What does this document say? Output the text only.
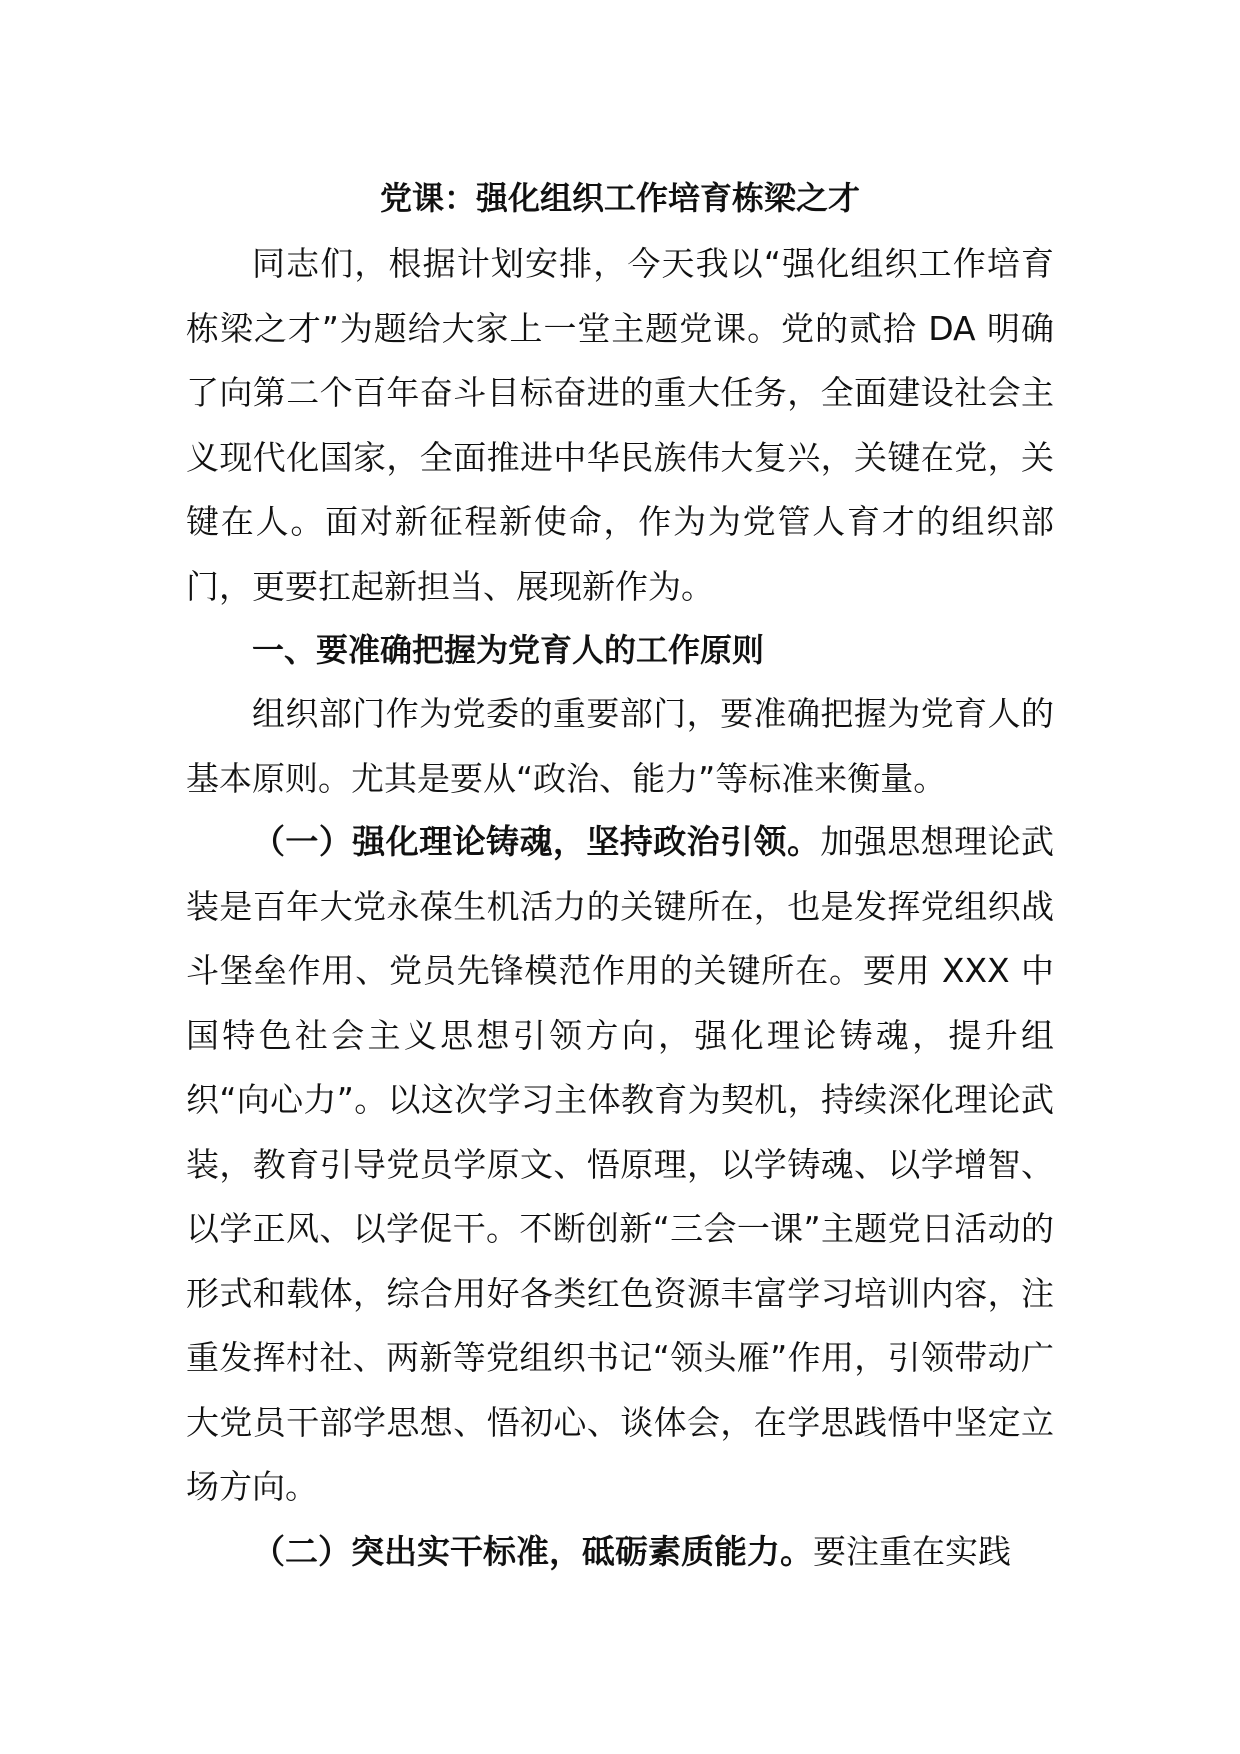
党课：强化组织工作培育栋梁之才

同志们，根据计划安排，今天我以“强化组织工作培育栋梁之才”为题给大家上一堂主题党课。党的贰拾 DA 明确了向第二个百年奋斗目标奋进的重大任务，全面建设社会主义现代化国家，全面推进中华民族伟大复兴，关键在党，关键在人。面对新征程新使命，作为为党管人育才的组织部门，更要扛起新担当、展现新作为。

一、要准确把握为党育人的工作原则

组织部门作为党委的重要部门，要准确把握为党育人的基本原则。尤其是要从“政治、能力”等标准来衡量。

（一）强化理论铸魂，坚持政治引领。加强思想理论武装是百年大党永葆生机活力的关键所在，也是发挥党组织战斗堡垒作用、党员先锋模范作用的关键所在。要用 XXX 中国特色社会主义思想引领方向，强化理论铸魂，提升组织“向心力”。以这次学习主体教育为契机，持续深化理论武装，教育引导党员学原文、悟原理，以学铸魂、以学增智、以学正风、以学促干。不断创新“三会一课”主题党日活动的形式和载体，综合用好各类红色资源丰富学习培训内容，注重发挥村社、两新等党组织书记“领头雁”作用，引领带动广大党员干部学思想、悟初心、谈体会，在学思践悟中坚定立场方向。

（二）突出实干标准，砥砺素质能力。要注重在实践
